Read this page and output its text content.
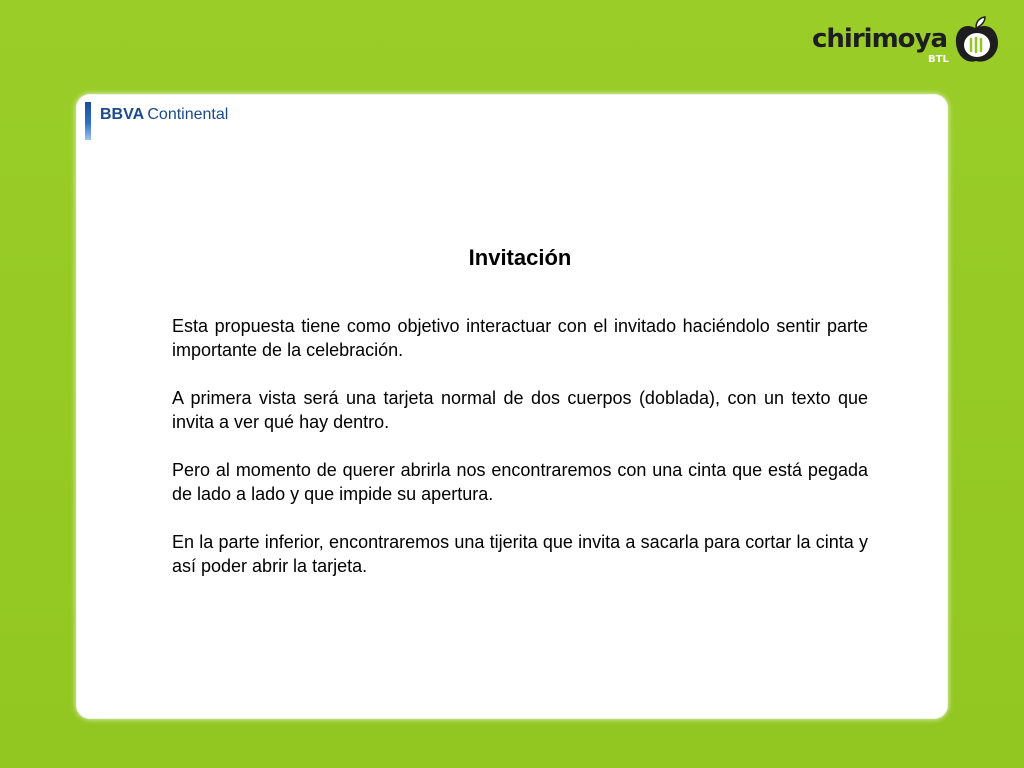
chirimoya
BTL
BBVA  Continental
Invitación

Esta propuesta tiene como objetivo interactuar con el invitado haciéndolo sentir parte importante de la celebración.

A primera vista será una tarjeta normal de dos cuerpos (doblada), con un texto que invita a ver qué hay dentro.

Pero al momento de querer abrirla nos encontraremos con una cinta que está pegada de lado a lado y que impide su apertura.

En la parte inferior, encontraremos una tijerita que invita a sacarla para cortar la cinta y así poder abrir la tarjeta.
